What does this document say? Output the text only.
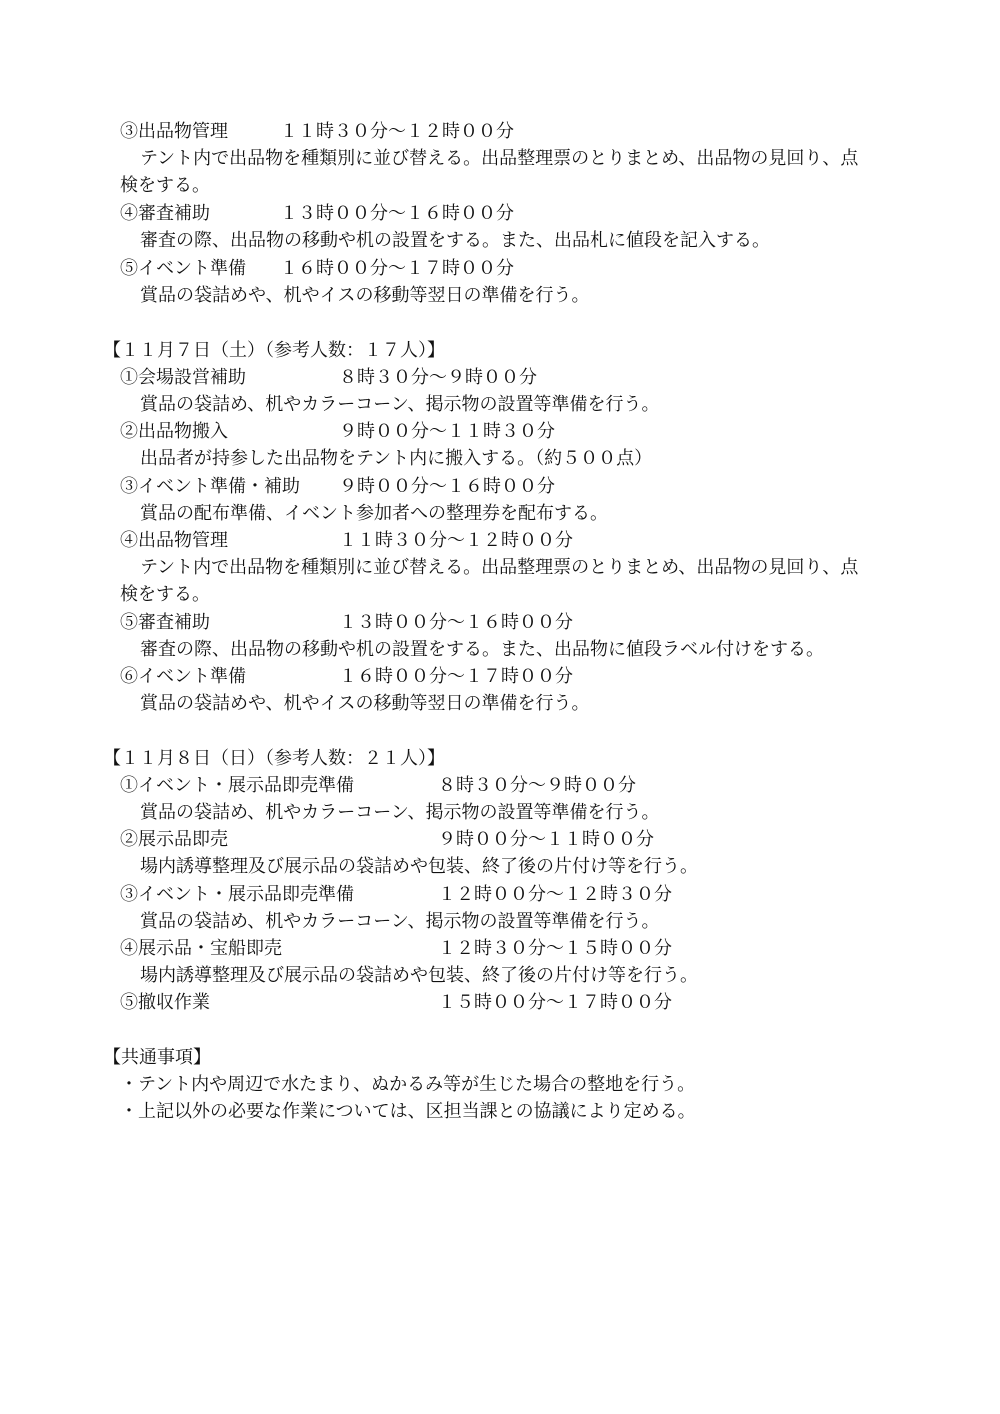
③出品物管理	１１時３０分～１２時００分
テント内で出品物を種類別に並び替える。出品整理票のとりまとめ、出品物の見回り、点
検をする。
④審査補助	１３時００分～１６時００分
審査の際、出品物の移動や机の設置をする。また、出品札に値段を記入する。
⑤イベント準備 １６時００分～１７時００分
賞品の袋詰めや、机やイスの移動等翌日の準備を行う。
【１１月７日（土）（参考人数：１７人）】
①会場設営補助	８時３０分～９時００分
賞品の袋詰め、机やカラーコーン、掲示物の設置等準備を行う。
②出品物搬入	９時００分～１１時３０分
出品者が持参した出品物をテント内に搬入する。（約５００点）
③イベント準備・補助 ９時００分～１６時００分
賞品の配布準備、イベント参加者への整理券を配布する。
④出品物管理	１１時３０分～１２時００分
テント内で出品物を種類別に並び替える。出品整理票のとりまとめ、出品物の見回り、点
検をする。
⑤審査補助	１３時００分～１６時００分
審査の際、出品物の移動や机の設置をする。また、出品物に値段ラベル付けをする。
⑥イベント準備	１６時００分～１７時００分
賞品の袋詰めや、机やイスの移動等翌日の準備を行う。
【１１月８日（日）（参考人数：２１人）】
①イベント・展示品即売準備	８時３０分～９時００分
賞品の袋詰め、机やカラーコーン、掲示物の設置等準備を行う。
②展示品即売	９時００分～１１時００分
場内誘導整理及び展示品の袋詰めや包装、終了後の片付け等を行う。
③イベント・展示品即売準備	１２時００分～１２時３０分
賞品の袋詰め、机やカラーコーン、掲示物の設置等準備を行う。
④展示品・宝船即売	１２時３０分～１５時００分
場内誘導整理及び展示品の袋詰めや包装、終了後の片付け等を行う。
⑤撤収作業	１５時００分～１７時００分
【共通事項】
・テント内や周辺で水たまり、ぬかるみ等が生じた場合の整地を行う。
・上記以外の必要な作業については、区担当課との協議により定める。
